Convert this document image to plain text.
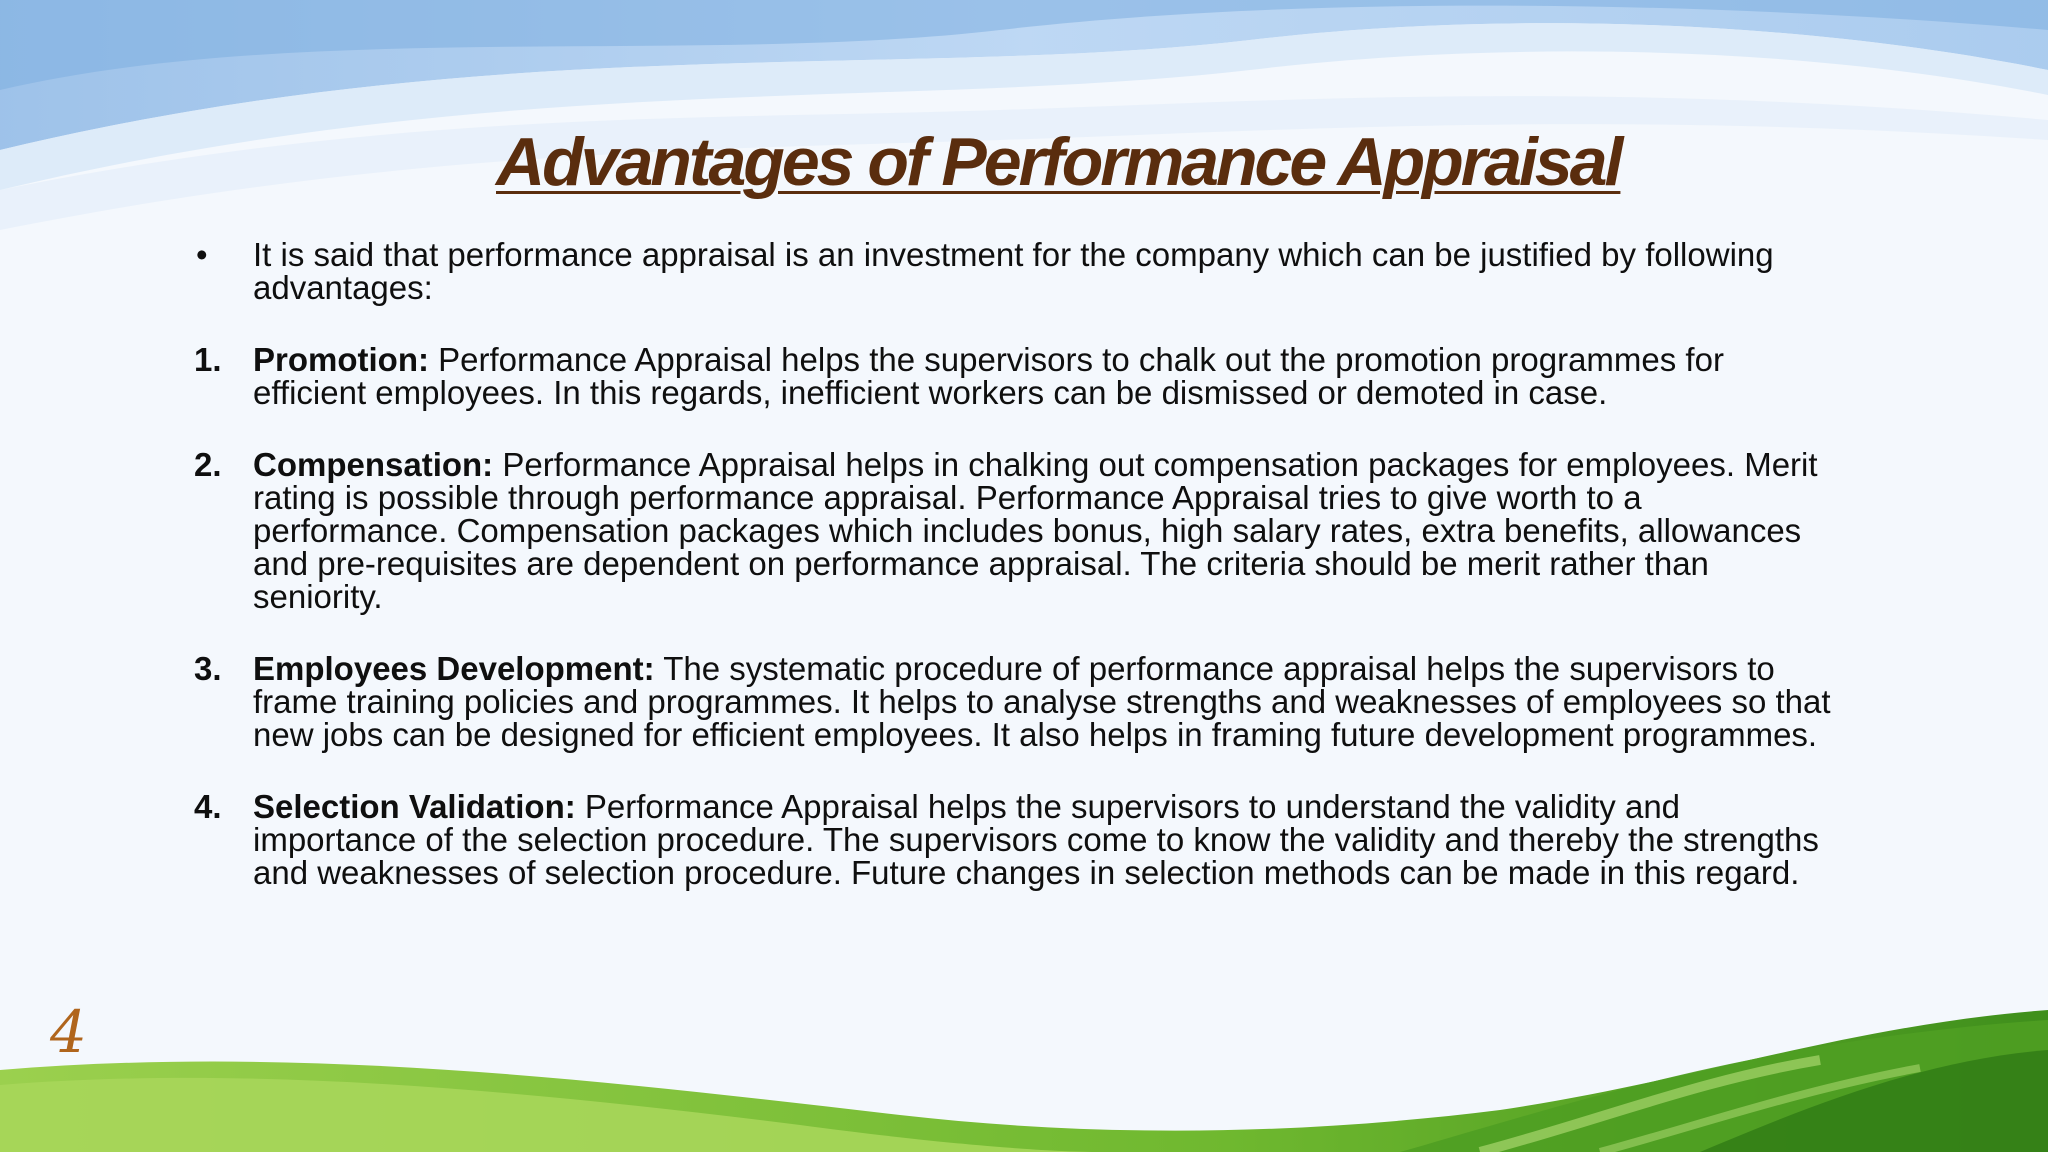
Advantages of Performance Appraisal
•	It is said that performance appraisal is an investment for the company which can be justified by following advantages:
1. Promotion: Performance Appraisal helps the supervisors to chalk out the promotion programmes for efficient employees. In this regards, inefficient workers can be dismissed or demoted in case.
2. Compensation: Performance Appraisal helps in chalking out compensation packages for employees. Merit rating is possible through performance appraisal. Performance Appraisal tries to give worth to a performance. Compensation packages which includes bonus, high salary rates, extra benefits, allowances and pre-requisites are dependent on performance appraisal. The criteria should be merit rather than seniority.
3. Employees Development: The systematic procedure of performance appraisal helps the supervisors to frame training policies and programmes. It helps to analyse strengths and weaknesses of employees so that new jobs can be designed for efficient employees. It also helps in framing future development programmes.
4. Selection Validation: Performance Appraisal helps the supervisors to understand the validity and importance of the selection procedure. The supervisors come to know the validity and thereby the strengths and weaknesses of selection procedure. Future changes in selection methods can be made in this regard.
4
